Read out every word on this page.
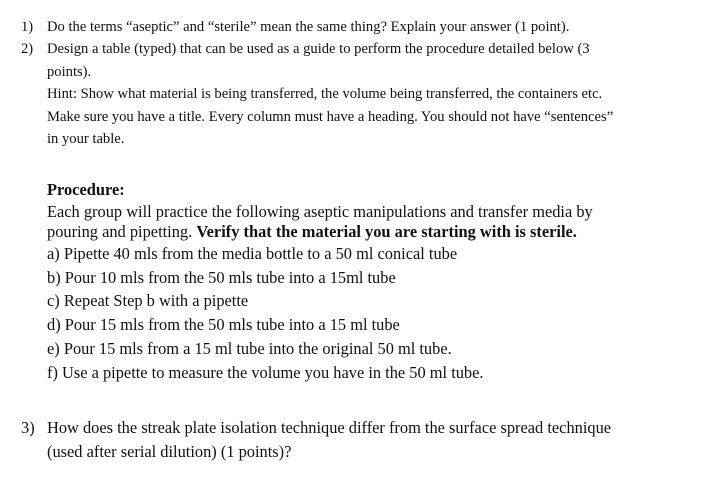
1) Do the terms “aseptic” and “sterile” mean the same thing? Explain your answer (1 point).
2) Design a table (typed) that can be used as a guide to perform the procedure detailed below (3
points).
Hint: Show what material is being transferred, the volume being transferred, the containers etc.
Make sure you have a title. Every column must have a heading. You should not have “sentences”
in your table.
Procedure:
Each group will practice the following aseptic manipulations and transfer media by
pouring and pipetting. Verify that the material you are starting with is sterile.
a) Pipette 40 mls from the media bottle to a 50 ml conical tube
b) Pour 10 mls from the 50 mls tube into a 15ml tube
c) Repeat Step b with a pipette
d) Pour 15 mls from the 50 mls tube into a 15 ml tube
e) Pour 15 mls from a 15 ml tube into the original 50 ml tube.
f) Use a pipette to measure the volume you have in the 50 ml tube.
3) How does the streak plate isolation technique differ from the surface spread technique
(used after serial dilution) (1 points)?
